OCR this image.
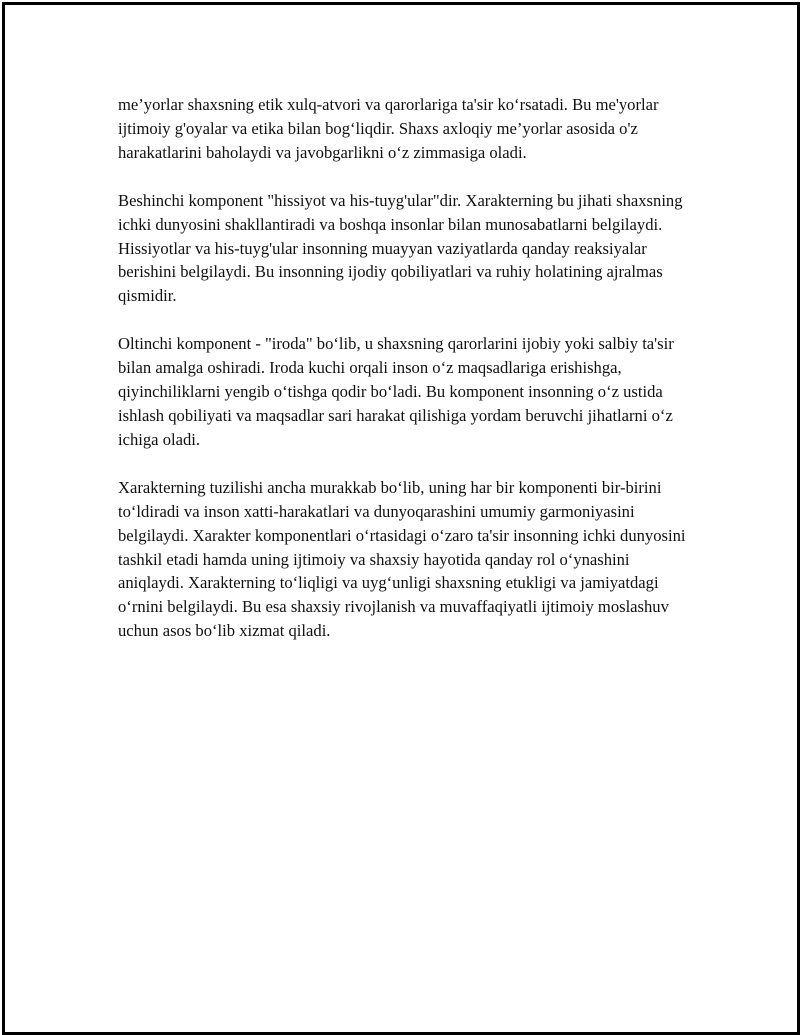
me’yorlar shaxsning etik xulq-atvori va qarorlariga ta'sir ko‘rsatadi. Bu me'yorlar ijtimoiy g'oyalar va etika bilan bog‘liqdir. Shaxs axloqiy me’yorlar asosida o'z harakatlarini baholaydi va javobgarlikni o‘z zimmasiga oladi.

Beshinchi komponent "hissiyot va his-tuyg'ular"dir. Xarakterning bu jihati shaxsning ichki dunyosini shakllantiradi va boshqa insonlar bilan munosabatlarni belgilaydi. Hissiyotlar va his-tuyg'ular insonning muayyan vaziyatlarda qanday reaksiyalar berishini belgilaydi. Bu insonning ijodiy qobiliyatlari va ruhiy holatining ajralmas qismidir.

Oltinchi komponent - "iroda" bo‘lib, u shaxsning qarorlarini ijobiy yoki salbiy ta'sir bilan amalga oshiradi. Iroda kuchi orqali inson o‘z maqsadlariga erishishga, qiyinchiliklarni yengib o‘tishga qodir bo‘ladi. Bu komponent insonning o‘z ustida ishlash qobiliyati va maqsadlar sari harakat qilishiga yordam beruvchi jihatlarni o‘z ichiga oladi.

Xarakterning tuzilishi ancha murakkab bo‘lib, uning har bir komponenti bir-birini to‘ldiradi va inson xatti-harakatlari va dunyoqarashini umumiy garmoniyasini belgilaydi. Xarakter komponentlari o‘rtasidagi o‘zaro ta'sir insonning ichki dunyosini tashkil etadi hamda uning ijtimoiy va shaxsiy hayotida qanday rol o‘ynashini aniqlaydi. Xarakterning to‘liqligi va uyg‘unligi shaxsning etukligi va jamiyatdagi o‘rnini belgilaydi. Bu esa shaxsiy rivojlanish va muvaffaqiyatli ijtimoiy moslashuv uchun asos bo‘lib xizmat qiladi.
